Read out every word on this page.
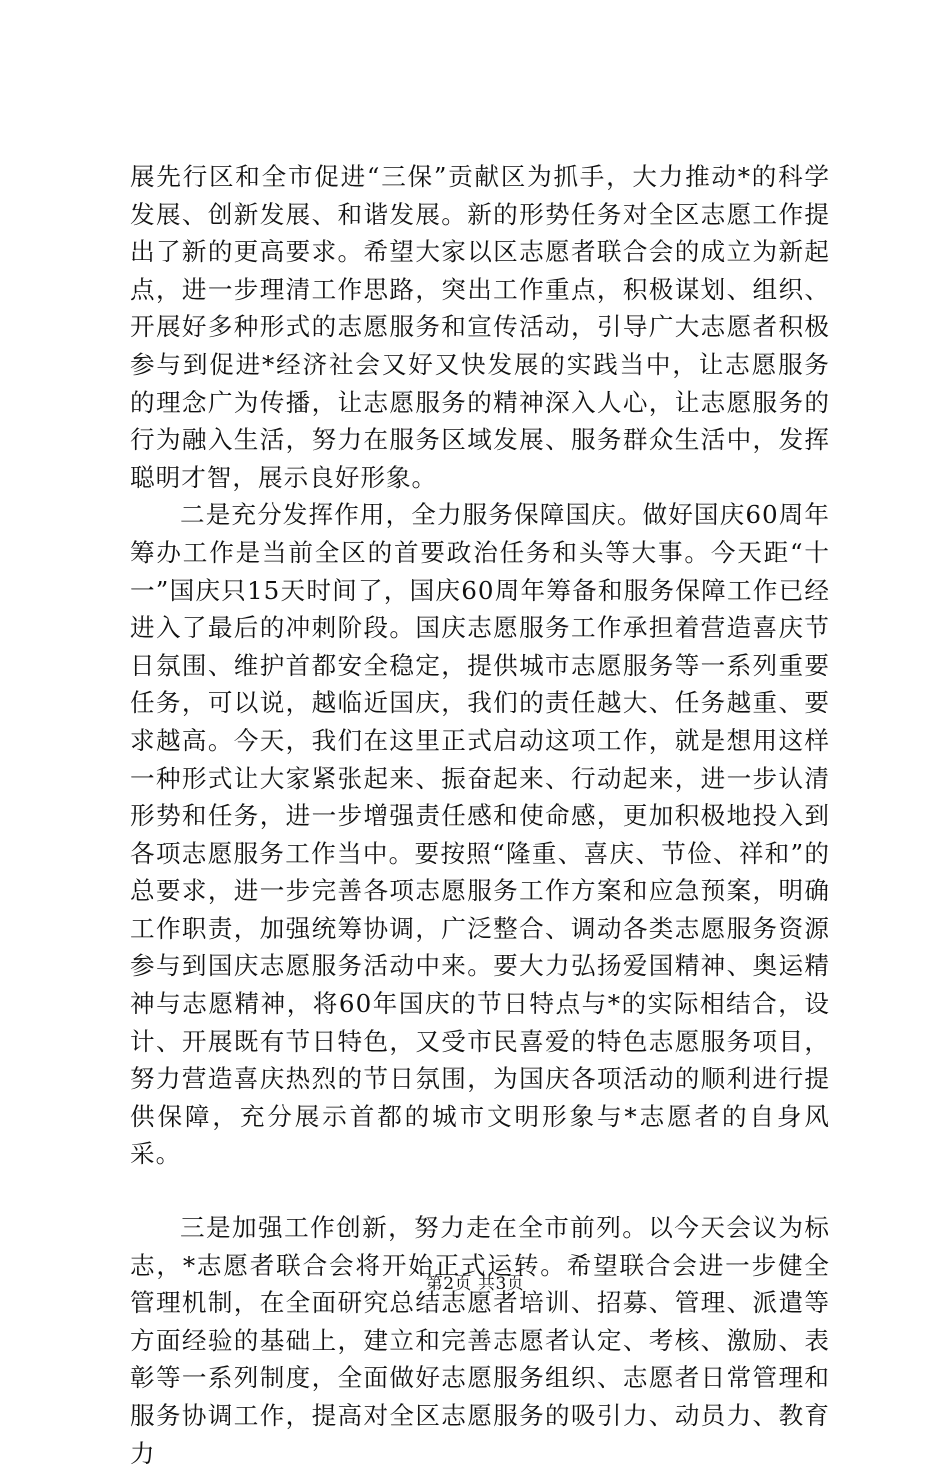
展先行区和全市促进“三保”贡献区为抓手，大力推动*的科学发展、创新发展、和谐发展。新的形势任务对全区志愿工作提出了新的更高要求。希望大家以区志愿者联合会的成立为新起点，进一步理清工作思路，突出工作重点，积极谋划、组织、开展好多种形式的志愿服务和宣传活动，引导广大志愿者积极参与到促进*经济社会又好又快发展的实践当中，让志愿服务的理念广为传播，让志愿服务的精神深入人心，让志愿服务的行为融入生活，努力在服务区域发展、服务群众生活中，发挥聪明才智，展示良好形象。

二是充分发挥作用，全力服务保障国庆。做好国庆60周年筹办工作是当前全区的首要政治任务和头等大事。今天距“十一”国庆只15天时间了，国庆60周年筹备和服务保障工作已经进入了最后的冲刺阶段。国庆志愿服务工作承担着营造喜庆节日氛围、维护首都安全稳定，提供城市志愿服务等一系列重要任务，可以说，越临近国庆，我们的责任越大、任务越重、要求越高。今天，我们在这里正式启动这项工作，就是想用这样一种形式让大家紧张起来、振奋起来、行动起来，进一步认清形势和任务，进一步增强责任感和使命感，更加积极地投入到各项志愿服务工作当中。要按照“隆重、喜庆、节俭、祥和”的总要求，进一步完善各项志愿服务工作方案和应急预案，明确工作职责，加强统筹协调，广泛整合、调动各类志愿服务资源参与到国庆志愿服务活动中来。要大力弘扬爱国精神、奥运精神与志愿精神，将60年国庆的节日特点与*的实际相结合，设计、开展既有节日特色，又受市民喜爱的特色志愿服务项目，努力营造喜庆热烈的节日氛围，为国庆各项活动的顺利进行提供保障，充分展示首都的城市文明形象与*志愿者的自身风采。

三是加强工作创新，努力走在全市前列。以今天会议为标志，*志愿者联合会将开始正式运转。希望联合会进一步健全管理机制，在全面研究总结志愿者培训、招募、管理、派遣等方面经验的基础上，建立和完善志愿者认定、考核、激励、表彰等一系列制度，全面做好志愿服务组织、志愿者日常管理和服务协调工作，提高对全区志愿服务的吸引力、动员力、教育力

第2页 共3页
